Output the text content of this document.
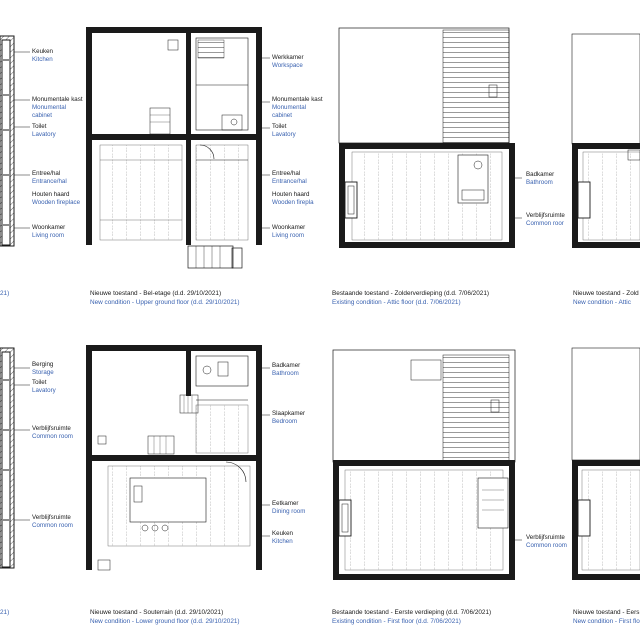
21)	Nieuwe toestand - Bel-etage (d.d. 29/10/2021)
New condition - Upper ground floor (d.d. 29/10/2021)
Bestaande toestand - Zolderverdieping (d.d. 7/06/2021)
Existing condition - Attic floor (d.d. 7/06/2021)
Nieuwe toestand - Zold
New condition - Attic
21)	Nieuwe toestand - Souterrain (d.d. 29/10/2021)
New condition - Lower ground floor (d.d. 29/10/2021)
Bestaande toestand - Eerste verdieping (d.d. 7/06/2021)
Existing condition - First floor (d.d. 7/06/2021)
Nieuwe toestand - Eers
New condition - First flo
Keuken
Kitchen
Monumentale kast
Monumental
cabinet
Toilet
Lavatory
Entree/hal
Entrance/hal
Houten haard
Wooden fireplace
Woonkamer
Living room
Werkkamer
Workspace
Monumentale kast
Monumental
cabinet
Toilet
Lavatory
Entree/hal
Entrance/hal
Houten haard
Wooden firepla
Woonkamer
Living room
Badkamer
Bathroom
Verblijfsruimte
Common roor
Berging
Storage
Toilet
Lavatory
Verblijfsruimte
Common room
Verblijfsruimte
Common room
Badkamer
Bathroom
Slaapkamer
Bedroom
Eetkamer
Dining room
Keuken
Kitchen
Verblijfsruimte
Common room
